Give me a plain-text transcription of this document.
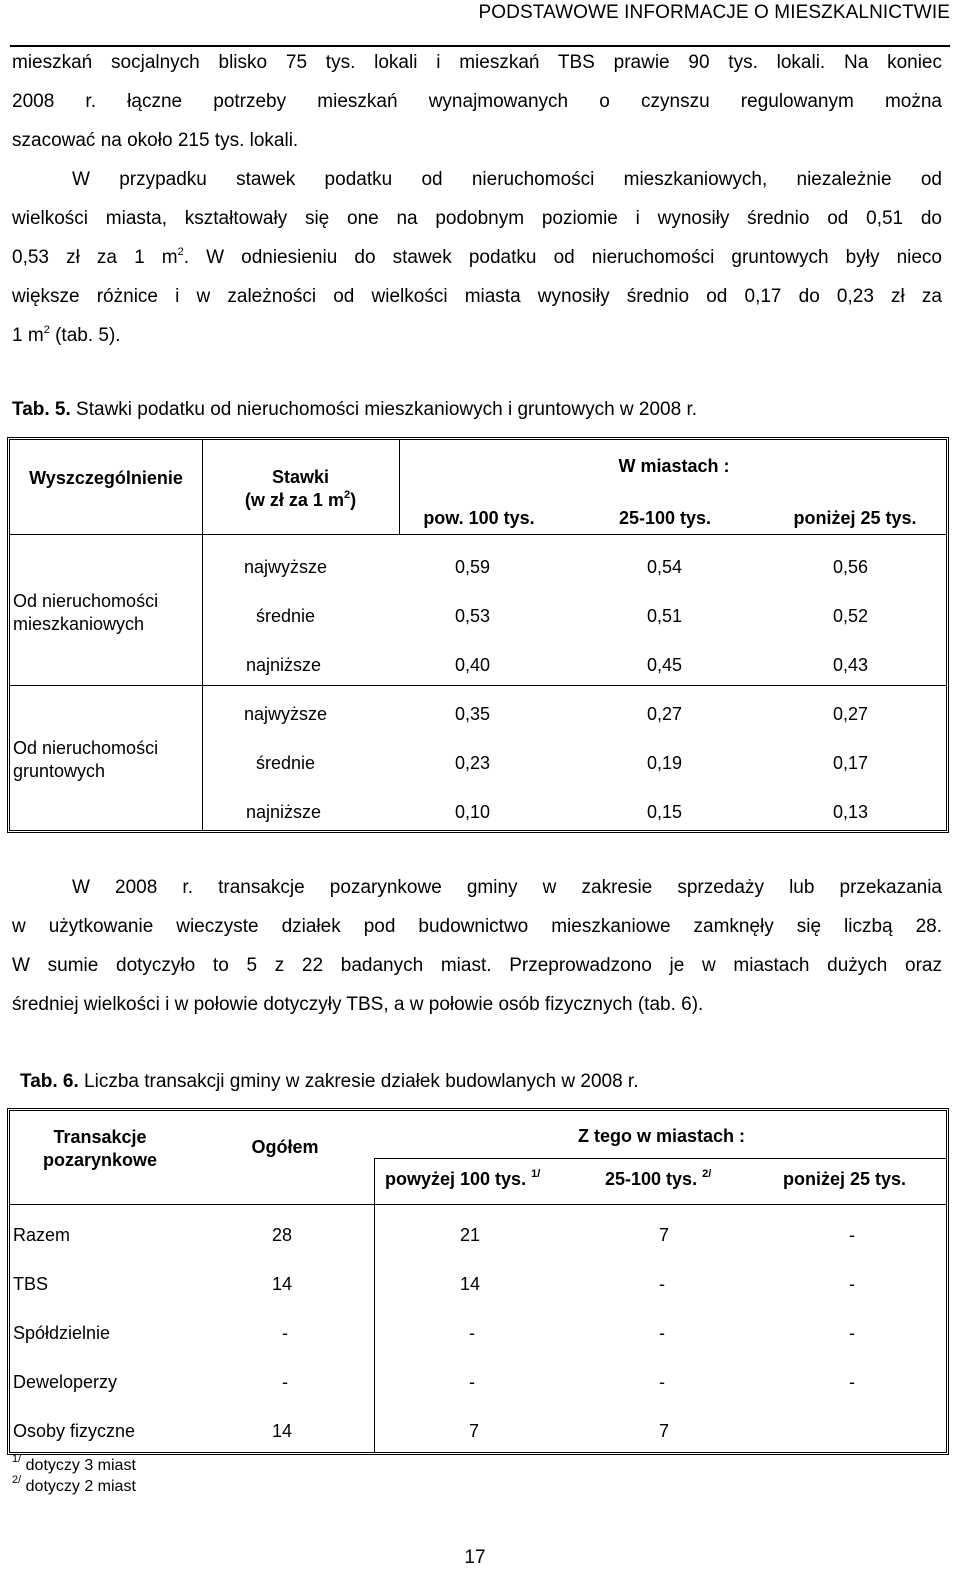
PODSTAWOWE INFORMACJE O MIESZKALNICTWIE
mieszkań socjalnych blisko 75 tys. lokali i mieszkań TBS prawie 90 tys. lokali. Na koniec
2008 r. łączne potrzeby mieszkań wynajmowanych o czynszu regulowanym można
szacować na około 215 tys. lokali.
W przypadku stawek podatku od nieruchomości mieszkaniowych, niezależnie od
wielkości miasta, kształtowały się one na podobnym poziomie i wynosiły średnio od 0,51 do
0,53 zł za 1 $m^2$. W odniesieniu do stawek podatku od nieruchomości gruntowych były nieco
większe różnice i w zależności od wielkości miasta wynosiły średnio od 0,17 do 0,23 zł za
1 $m^2$ (tab. 5).
Tab. 5. Stawki podatku od nieruchomości mieszkaniowych i gruntowych w 2008 r.
Wyszczególnienie	Stawki
(w zł za 1 $m^2$)
W miastach :
pow. 100 tys.	25-100 tys.	poniżej 25 tys.
Od nieruchomości
mieszkaniowych
najwyższe	0,59	0,54	0,56
średnie	0,53	0,51	0,52
najniższe	0,40	0,45	0,43
Od nieruchomości
gruntowych
najwyższe	0,35	0,27	0,27
średnie	0,23	0,19	0,17
najniższe	0,10	0,15	0,13
W 2008 r. transakcje pozarynkowe gminy w zakresie sprzedaży lub przekazania
w użytkowanie wieczyste działek pod budownictwo mieszkaniowe zamknęły się liczbą 28.
W sumie dotyczyło to 5 z 22 badanych miast. Przeprowadzono je w miastach dużych oraz
średniej wielkości i w połowie dotyczyły TBS, a w połowie osób fizycznych (tab. 6).
Tab. 6. Liczba transakcji gminy w zakresie działek budowlanych w 2008 r.
Transakcje
pozarynkowe
Ogółem
Z tego w miastach :
powyżej 100 tys. $^{1/}$	25-100 tys. $^{2/}$	poniżej 25 tys.
Razem	28	21	7	-
TBS	14	14	-	-
Spółdzielnie	-	-	-	-
Deweloperzy	-	-	-	-
Osoby fizyczne	14	7	7
$^{1/}$ dotyczy 3 miast
$^{2/}$ dotyczy 2 miast
17
